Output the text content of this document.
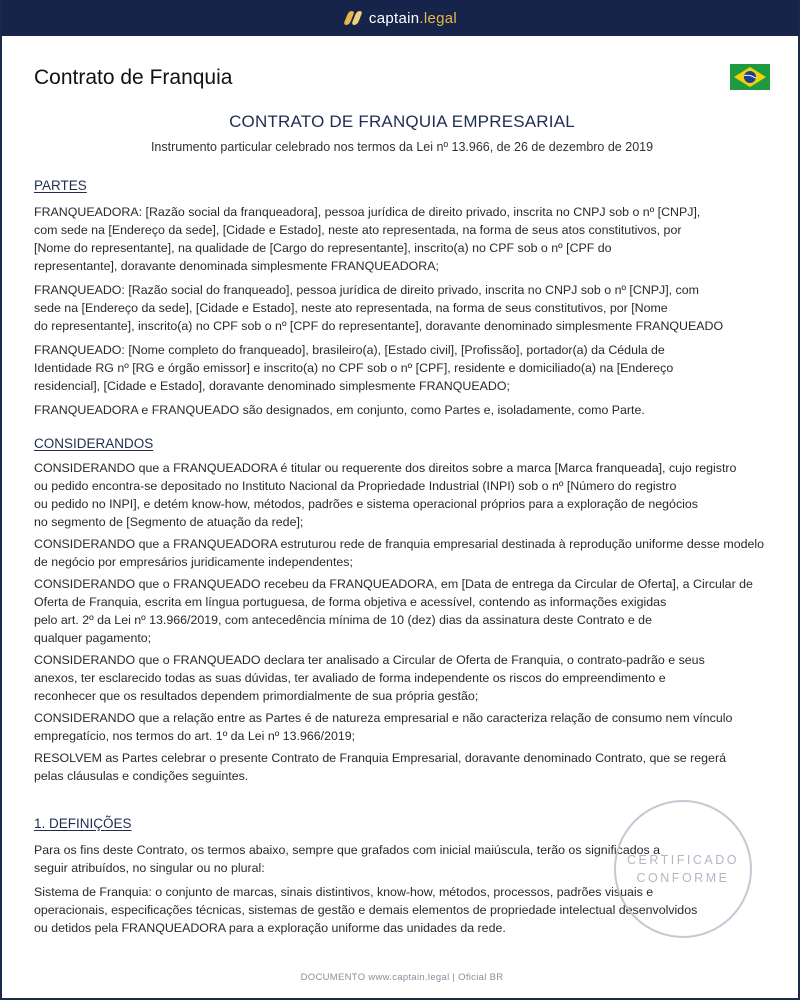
captain.legal
Contrato de Franquia
CONTRATO DE FRANQUIA EMPRESARIAL
Instrumento particular celebrado nos termos da Lei nº 13.966, de 26 de dezembro de 2019
PARTES

FRANQUEADORA: [Razão social da franqueadora], pessoa jurídica de direito privado, inscrita no CNPJ sob o nº [CNPJ],

com sede na [Endereço da sede], [Cidade e Estado], neste ato representada, na forma de seus atos constitutivos, por

[Nome do representante], na qualidade de [Cargo do representante], inscrito(a) no CPF sob o nº [CPF do

representante], doravante denominada simplesmente FRANQUEADORA;

FRANQUEADO: [Razão social do franqueado], pessoa jurídica de direito privado, inscrita no CNPJ sob o nº [CNPJ], com

sede na [Endereço da sede], [Cidade e Estado], neste ato representada, na forma de seus constitutivos, por [Nome

do representante], inscrito(a) no CPF sob o nº [CPF do representante], doravante denominado simplesmente FRANQUEADO

FRANQUEADO: [Nome completo do franqueado], brasileiro(a), [Estado civil], [Profissão], portador(a) da Cédula de

Identidade RG nº [RG e órgão emissor] e inscrito(a) no CPF sob o nº [CPF], residente e domiciliado(a) na [Endereço

residencial], [Cidade e Estado], doravante denominado simplesmente FRANQUEADO;

FRANQUEADORA e FRANQUEADO são designados, em conjunto, como Partes e, isoladamente, como Parte.

CONSIDERANDOS

CONSIDERANDO que a FRANQUEADORA é titular ou requerente dos direitos sobre a marca [Marca franqueada], cujo registro

ou pedido encontra-se depositado no Instituto Nacional da Propriedade Industrial (INPI) sob o nº [Número do registro

ou pedido no INPI], e detém know-how, métodos, padrões e sistema operacional próprios para a exploração de negócios

no segmento de [Segmento de atuação da rede];

CONSIDERANDO que a FRANQUEADORA estruturou rede de franquia empresarial destinada à reprodução uniforme desse modelo

de negócio por empresários juridicamente independentes;

CONSIDERANDO que o FRANQUEADO recebeu da FRANQUEADORA, em [Data de entrega da Circular de Oferta], a Circular de

Oferta de Franquia, escrita em língua portuguesa, de forma objetiva e acessível, contendo as informações exigidas

pelo art. 2º da Lei nº 13.966/2019, com antecedência mínima de 10 (dez) dias da assinatura deste Contrato e de

qualquer pagamento;

CONSIDERANDO que o FRANQUEADO declara ter analisado a Circular de Oferta de Franquia, o contrato-padrão e seus

anexos, ter esclarecido todas as suas dúvidas, ter avaliado de forma independente os riscos do empreendimento e

reconhecer que os resultados dependem primordialmente de sua própria gestão;

CONSIDERANDO que a relação entre as Partes é de natureza empresarial e não caracteriza relação de consumo nem vínculo

empregatício, nos termos do art. 1º da Lei nº 13.966/2019;

RESOLVEM as Partes celebrar o presente Contrato de Franquia Empresarial, doravante denominado Contrato, que se regerá

pelas cláusulas e condições seguintes.

1. DEFINIÇÕES

Para os fins deste Contrato, os termos abaixo, sempre que grafados com inicial maiúscula, terão os significados a

seguir atribuídos, no singular ou no plural:

Sistema de Franquia: o conjunto de marcas, sinais distintivos, know-how, métodos, processos, padrões visuais e

operacionais, especificações técnicas, sistemas de gestão e demais elementos de propriedade intelectual desenvolvidos

ou detidos pela FRANQUEADORA para a exploração uniforme das unidades da rede.

CERTIFICADO
CONFORME
DOCUMENTO www.captain.legal | Oficial BR
